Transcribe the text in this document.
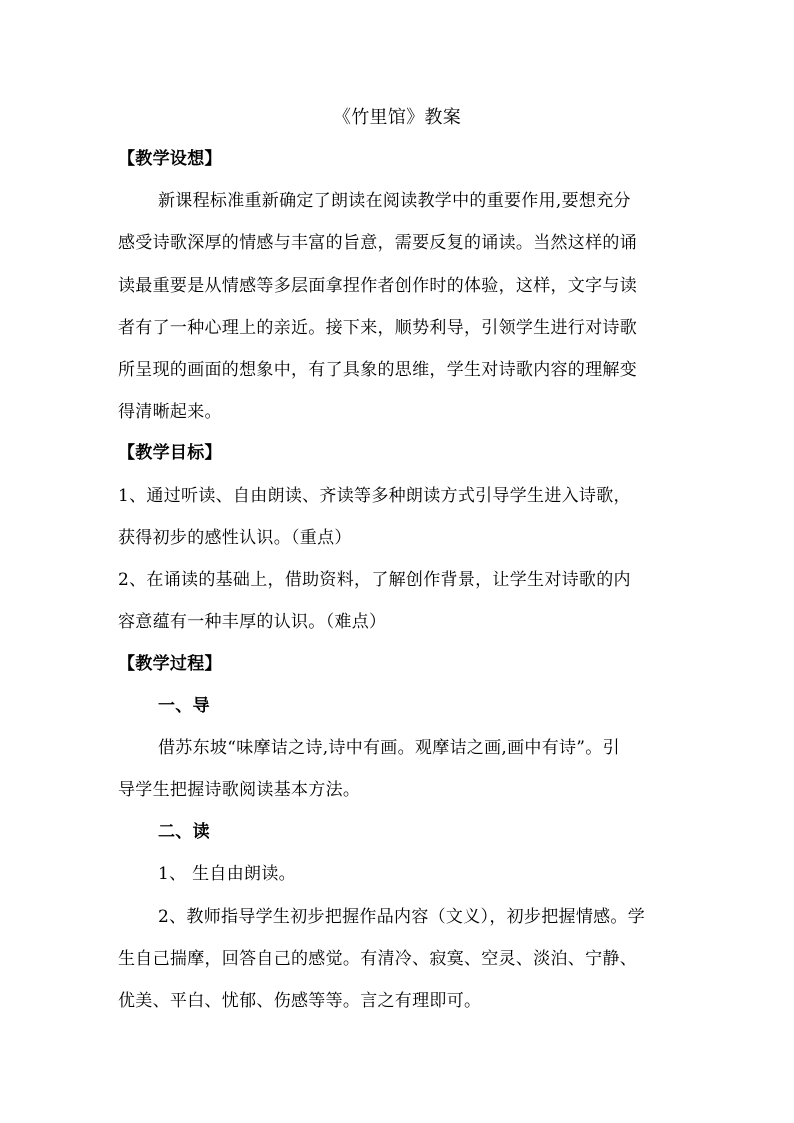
《竹里馆》教案
【教学设想】
新课程标准重新确定了朗读在阅读教学中的重要作用,要想充分
感受诗歌深厚的情感与丰富的旨意，需要反复的诵读。当然这样的诵
读最重要是从情感等多层面拿捏作者创作时的体验，这样，文字与读
者有了一种心理上的亲近。接下来，顺势利导，引领学生进行对诗歌
所呈现的画面的想象中，有了具象的思维，学生对诗歌内容的理解变
得清晰起来。
【教学目标】
1、通过听读、自由朗读、齐读等多种朗读方式引导学生进入诗歌，
获得初步的感性认识。（重点）
2、在诵读的基础上，借助资料，了解创作背景，让学生对诗歌的内
容意蕴有一种丰厚的认识。（难点）
【教学过程】
一、导
借苏东坡“味摩诘之诗,诗中有画。观摩诘之画,画中有诗”。引
导学生把握诗歌阅读基本方法。
二、读
1、 生自由朗读。
2、教师指导学生初步把握作品内容（文义），初步把握情感。学
生自己揣摩，回答自己的感觉。有清冷、寂寞、空灵、淡泊、宁静、
优美、平白、忧郁、伤感等等。言之有理即可。
